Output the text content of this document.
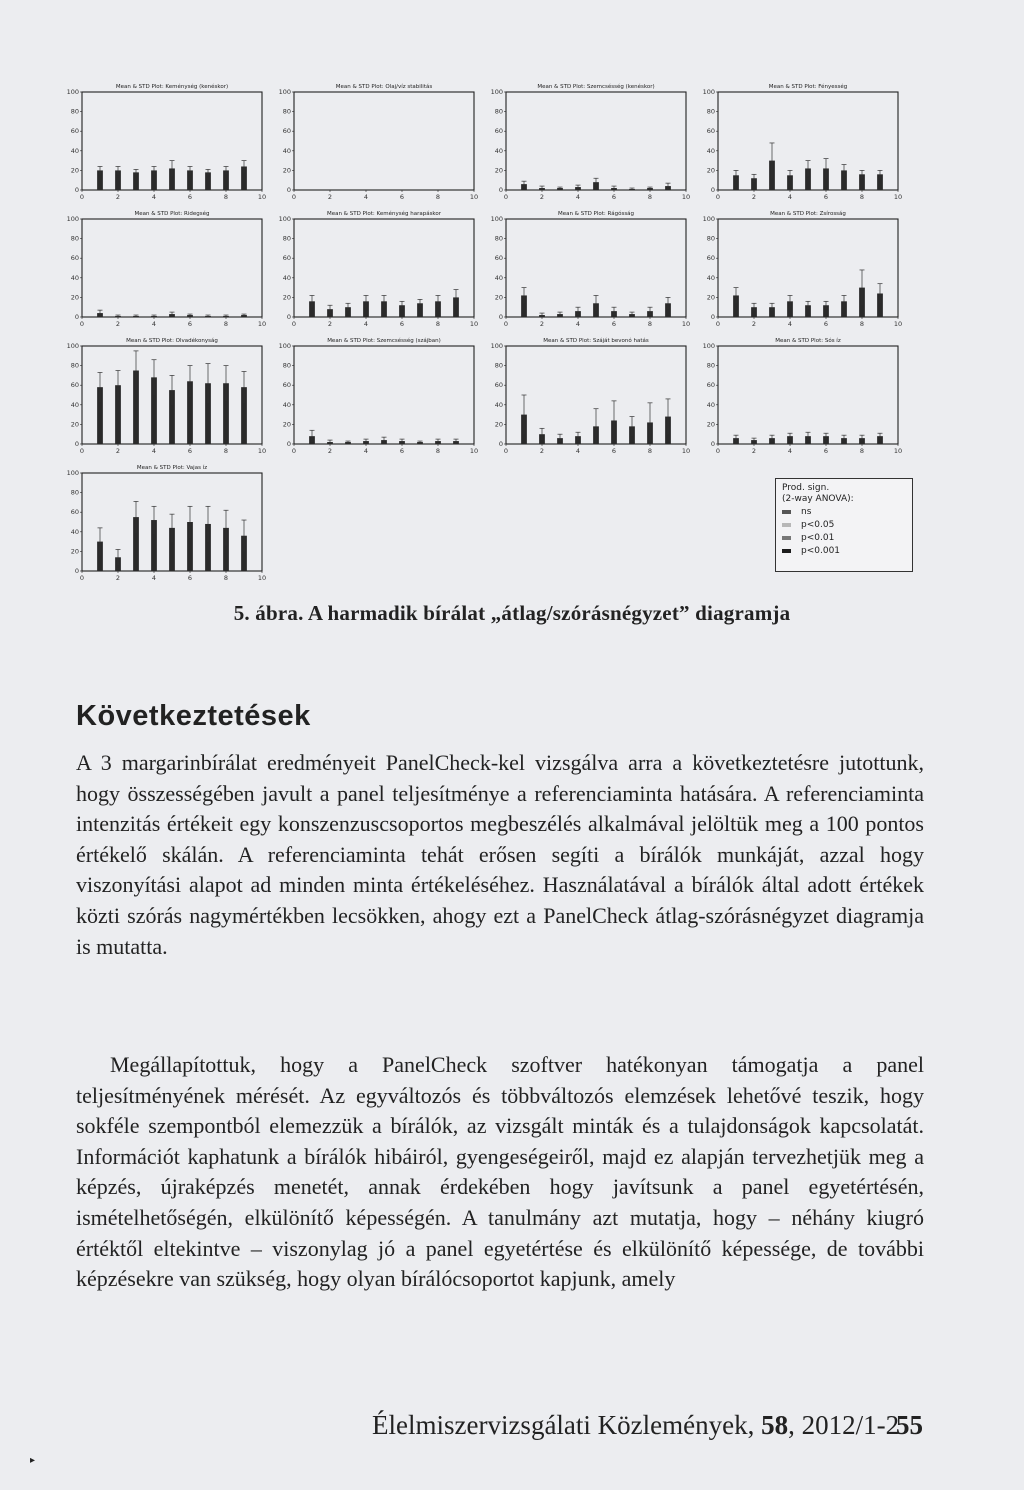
Mean & STD Plot: Keménység (kenéskor)
0
20
40
60
80
100
0	2	4	6	8	10
Mean & STD Plot: Olaj/víz stabilitás
0
20
40
60
80
100
0	2	4	6	8	10
Mean & STD Plot: Szemcsésség (kenéskor)
0
20
40
60
80
100
0	2	4	6	8	10
Mean & STD Plot: Fényesség
0
20
40
60
80
100
0	2	4	6	8	10
Mean & STD Plot: Ridegség
0
20
40
60
80
100
0	2	4	6	8	10
Mean & STD Plot: Keménység harapáskor
0
20
40
60
80
100
0	2	4	6	8	10
Mean & STD Plot: Rágósság
0
20
40
60
80
100
0	2	4	6	8	10
Mean & STD Plot: Zsírosság
0
20
40
60
80
100
0	2	4	6	8	10
Mean & STD Plot: Olvadékonyság
0
20
40
60
80
100
0	2	4	6	8	10
Mean & STD Plot: Szemcsésség (szájban)
0
20
40
60
80
100
0	2	4	6	8	10
Mean & STD Plot: Száját bevonó hatás
0
20
40
60
80
100
0	2	4	6	8	10
Mean & STD Plot: Sós íz
0
20
40
60
80
100
0	2	4	6	8	10
Mean & STD Plot: Vajas íz
0
20
40
60
80
100
0	2	4	6	8	10
Prod. sign.
(2-way ANOVA):
ns
p<0.05
p<0.01
p<0.001
5. ábra. A harmadik bírálat „átlag/szórásnégyzet” diagramja
Következtetések

A 3 margarinbírálat eredményeit PanelCheck-kel vizsgálva arra a következtetésre jutottunk, hogy összességében javult a panel teljesítménye a referenciaminta hatására. A referenciaminta intenzitás értékeit egy konszenzuscsoportos megbeszélés alkalmával jelöltük meg a 100 pontos értékelő skálán. A referenciaminta tehát erősen segíti a bírálók munkáját, azzal hogy viszonyítási alapot ad minden minta értékeléséhez. Használatával a bírálók által adott értékek közti szórás nagymértékben lecsökken, ahogy ezt a PanelCheck átlag-szórásnégyzet diagramja is mutatta.

Megállapítottuk, hogy a PanelCheck szoftver hatékonyan támogatja a panel teljesítményének mérését. Az egyváltozós és többváltozós elemzések lehetővé teszik, hogy sokféle szempontból elemezzük a bírálók, az vizsgált minták és a tulajdonságok kapcsolatát. Információt kaphatunk a bírálók hibáiról, gyengeségeiről, majd ez alapján tervezhetjük meg a képzés, újraképzés menetét, annak érdekében hogy javítsunk a panel egyetértésén, ismételhetőségén, elkülönítő képességén. A tanulmány azt mutatja, hogy – néhány kiugró értéktől eltekintve – viszonylag jó a panel egyetértése és elkülönítő képessége, de további képzésekre van szükség, hogy olyan bírálócsoportot kapjunk, amely

Élelmiszervizsgálati Közlemények, 58, 2012/1-2
55
▸
